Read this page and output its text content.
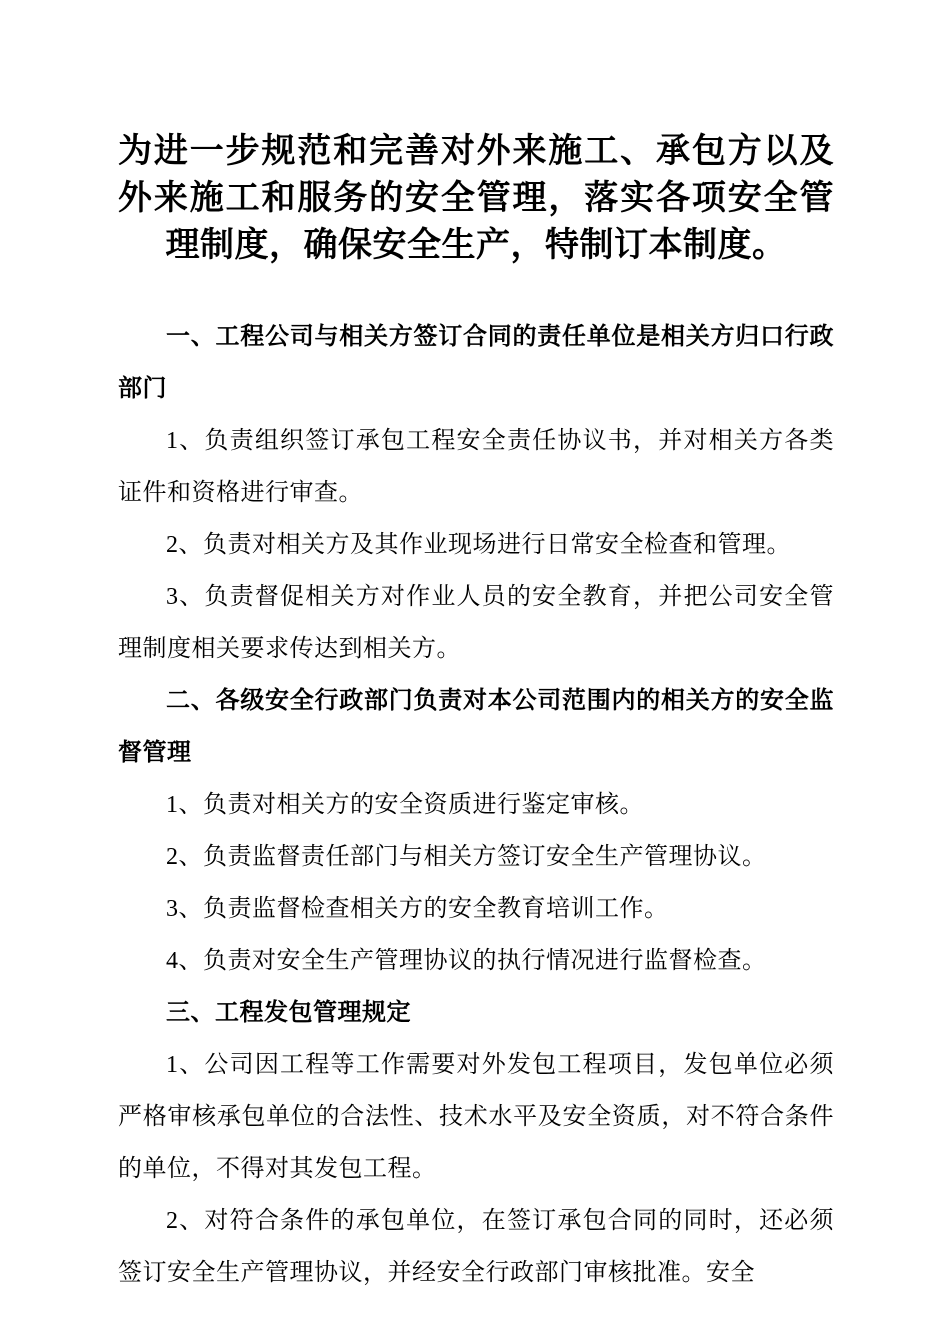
为进一步规范和完善对外来施工、承包方以及外来施工和服务的安全管理，落实各项安全管理制度，确保安全生产，特制订本制度。

一、工程公司与相关方签订合同的责任单位是相关方归口行政部门

1、负责组织签订承包工程安全责任协议书，并对相关方各类证件和资格进行审查。

2、负责对相关方及其作业现场进行日常安全检查和管理。

3、负责督促相关方对作业人员的安全教育，并把公司安全管理制度相关要求传达到相关方。

二、各级安全行政部门负责对本公司范围内的相关方的安全监督管理

1、负责对相关方的安全资质进行鉴定审核。

2、负责监督责任部门与相关方签订安全生产管理协议。

3、负责监督检查相关方的安全教育培训工作。

4、负责对安全生产管理协议的执行情况进行监督检查。

三、工程发包管理规定

1、公司因工程等工作需要对外发包工程项目，发包单位必须严格审核承包单位的合法性、技术水平及安全资质，对不符合条件的单位，不得对其发包工程。

2、对符合条件的承包单位，在签订承包合同的同时，还必须签订安全生产管理协议，并经安全行政部门审核批准。安全
